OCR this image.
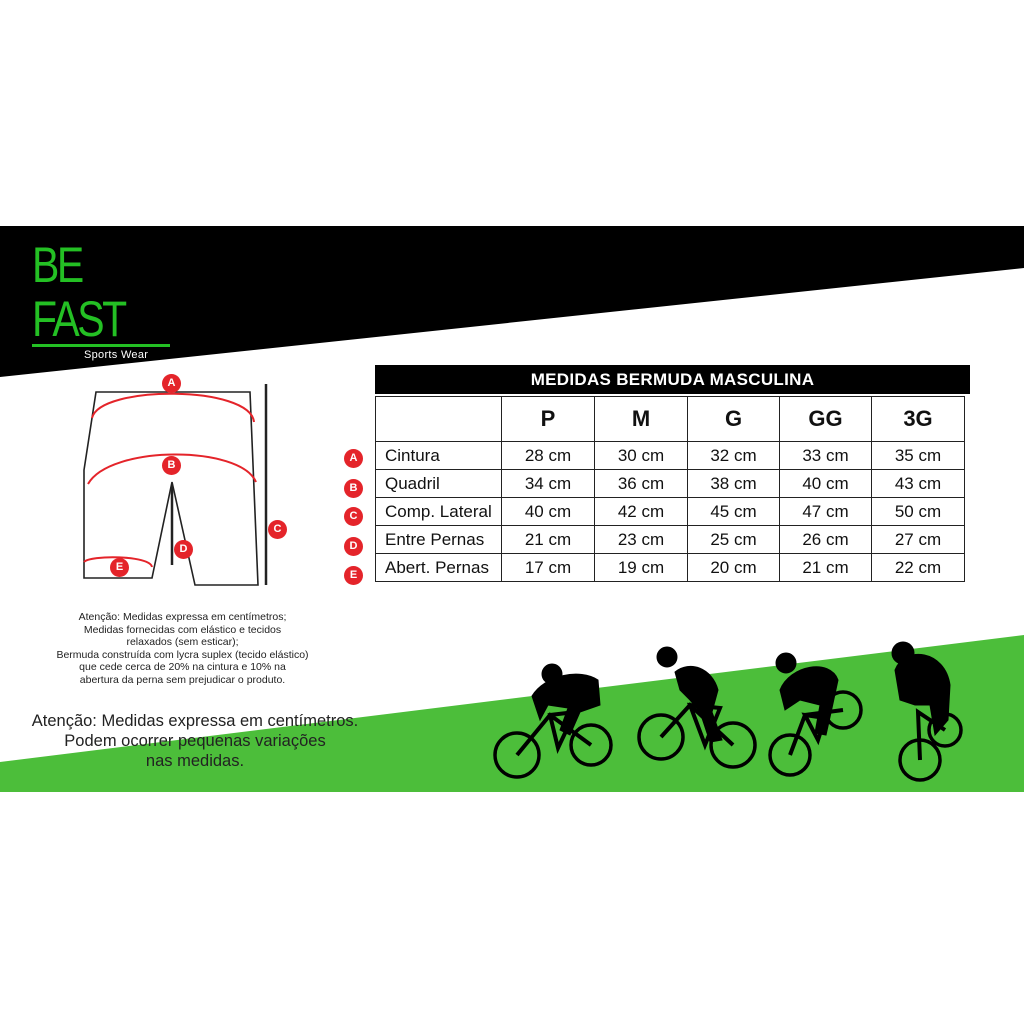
BE FAST
Sports Wear
A
B
C
D
E
A
B
C
D
E
MEDIDAS BERMUDA MASCULINA
	P	M	G	GG	3G
Cintura	28 cm	30 cm	32 cm	33 cm	35 cm
Quadril	34 cm	36 cm	38 cm	40 cm	43 cm
Comp. Lateral	40 cm	42 cm	45 cm	47 cm	50 cm
Entre Pernas	21 cm	23 cm	25 cm	26 cm	27 cm
Abert. Pernas	17 cm	19 cm	20 cm	21 cm	22 cm
Atenção: Medidas expressa em centímetros;
Medidas fornecidas com elástico e tecidos
relaxados (sem esticar);
Bermuda construída com lycra suplex (tecido elástico)
que cede cerca de 20% na cintura e 10% na
abertura da perna sem prejudicar o produto.
Atenção: Medidas expressa em centímetros.
Podem ocorrer pequenas variações
nas medidas.
